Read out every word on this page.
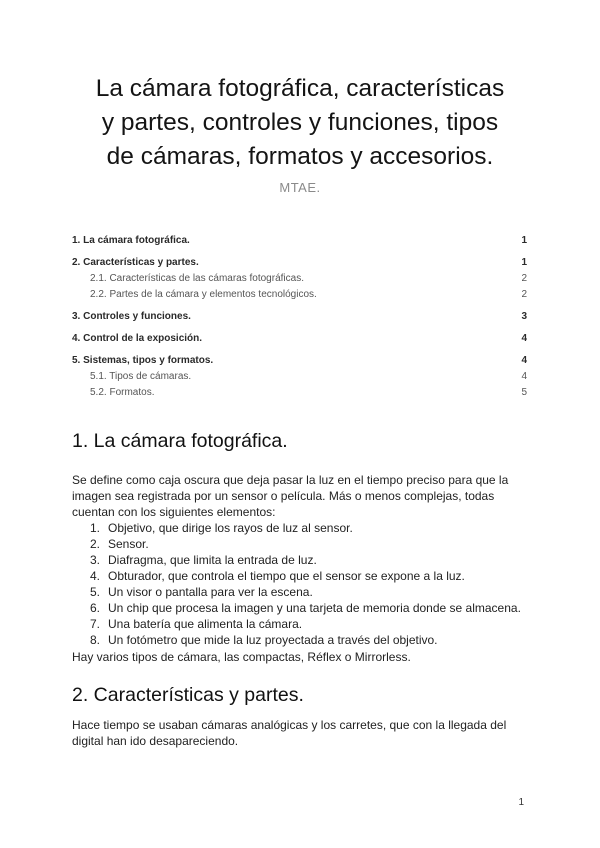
La cámara fotográfica, características
y partes, controles y funciones, tipos
de cámaras, formatos y accesorios.
MTAE.
1. La cámara fotográfica.	1
2. Características y partes.	1
2.1. Características de las cámaras fotográficas.	2
2.2. Partes de la cámara y elementos tecnológicos.	2
3. Controles y funciones.	3
4. Control de la exposición.	4
5. Sistemas, tipos y formatos.	4
5.1. Tipos de cámaras.	4
5.2. Formatos.	5
1. La cámara fotográfica.
Se define como caja oscura que deja pasar la luz en el tiempo preciso para que la
imagen sea registrada por un sensor o película. Más o menos complejas, todas
cuentan con los siguientes elementos:
1. Objetivo, que dirige los rayos de luz al sensor.
2. Sensor.
3. Diafragma, que limita la entrada de luz.
4. Obturador, que controla el tiempo que el sensor se expone a la luz.
5. Un visor o pantalla para ver la escena.
6. Un chip que procesa la imagen y una tarjeta de memoria donde se almacena.
7. Una batería que alimenta la cámara.
8. Un fotómetro que mide la luz proyectada a través del objetivo.
Hay varios tipos de cámara, las compactas, Réflex o Mirrorless.
2. Características y partes.
Hace tiempo se usaban cámaras analógicas y los carretes, que con la llegada del
digital han ido desapareciendo.
1
